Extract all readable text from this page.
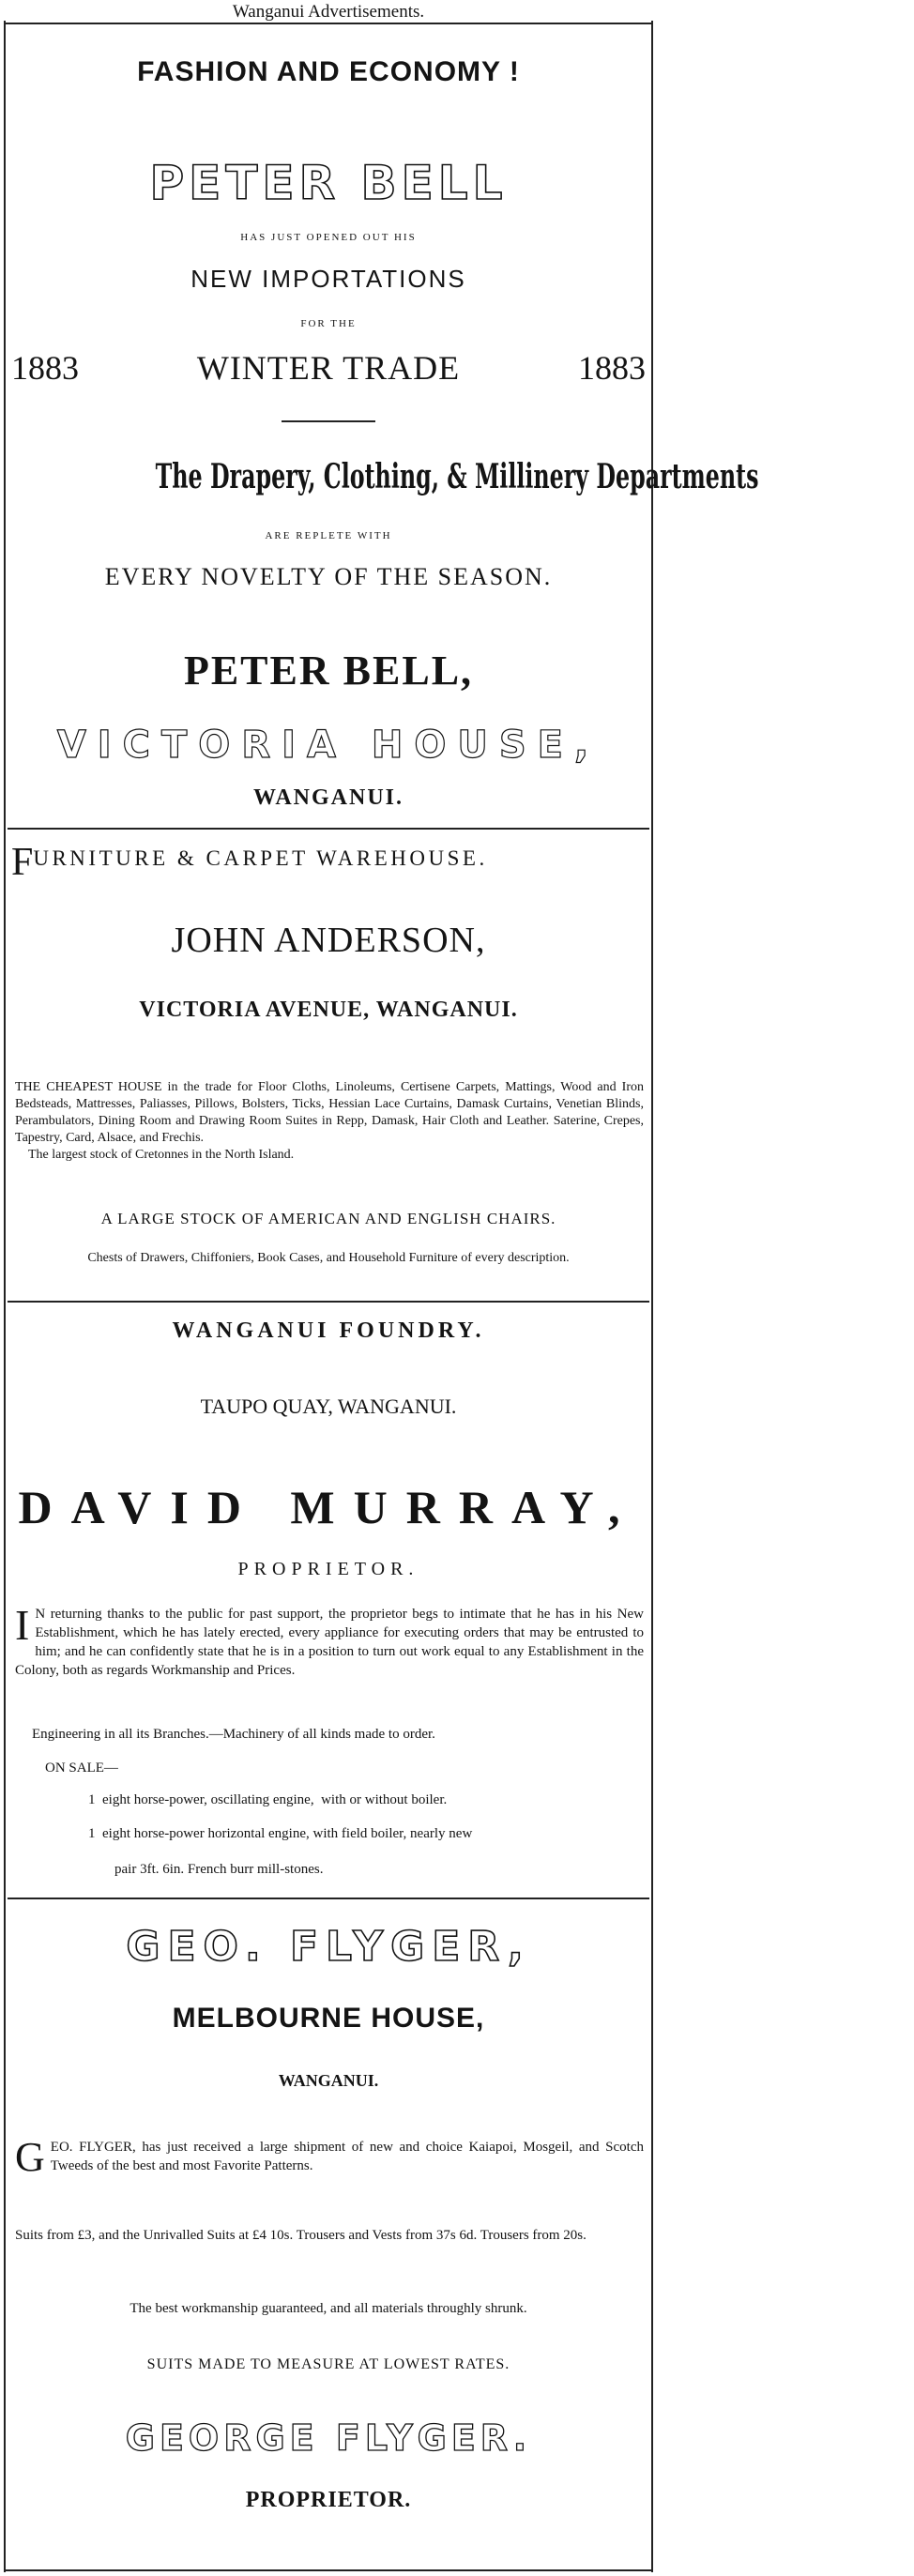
Wanganui Advertisements.
FASHION AND ECONOMY !
PETER BELL
HAS JUST OPENED OUT HIS
NEW IMPORTATIONS
FOR THE
1883	WINTER TRADE	1883
The Drapery, Clothing, & Millinery Departments
ARE REPLETE WITH
EVERY NOVELTY OF THE SEASON.
PETER BELL,
VICTORIA HOUSE,
WANGANUI.
FURNITURE & CARPET WAREHOUSE.
JOHN ANDERSON,
VICTORIA AVENUE, WANGANUI.
THE CHEAPEST HOUSE in the trade for Floor Cloths, Linoleums, Certisene Carpets, Mattings, Wood and Iron Bedsteads, Mattresses, Paliasses, Pillows, Bolsters, Ticks, Hessian Lace Curtains, Damask Curtains, Venetian Blinds, Perambulators, Dining Room and Drawing Room Suites in Repp, Damask, Hair Cloth and Leather. Saterine, Crepes, Tapestry, Card, Alsace, and Frechis.
The largest stock of Cretonnes in the North Island.
A LARGE STOCK OF AMERICAN AND ENGLISH CHAIRS.
Chests of Drawers, Chiffoniers, Book Cases, and Household Furniture of every description.
WANGANUI FOUNDRY.
TAUPO QUAY, WANGANUI.
DAVID MURRAY,
PROPRIETOR.
I N returning thanks to the public for past support, the proprietor begs to intimate that he has in his New Establishment, which he has lately erected, every appliance for executing orders that may be entrusted to him; and he can confidently state that he is in a position to turn out work equal to any Establishment in the Colony, both as regards Workmanship and Prices.
Engineering in all its Branches.—Machinery of all kinds made to order.
ON SALE—
1  eight horse-power, oscillating engine,  with or without boiler.
1  eight horse-power horizontal engine, with field boiler, nearly new
pair 3ft. 6in. French burr mill-stones.
GEO. FLYGER,
MELBOURNE HOUSE,
WANGANUI.
GEO. FLYGER, has just received a large shipment of new and choice Kaiapoi, Mosgeil, and Scotch Tweeds of the best and most Favorite Patterns.
Suits from £3, and the Unrivalled Suits at £4 10s. Trousers and Vests from 37s 6d. Trousers from 20s.
The best workmanship guaranteed, and all materials throughly shrunk.
SUITS MADE TO MEASURE AT LOWEST RATES.
GEORGE FLYGER.
PROPRIETOR.
